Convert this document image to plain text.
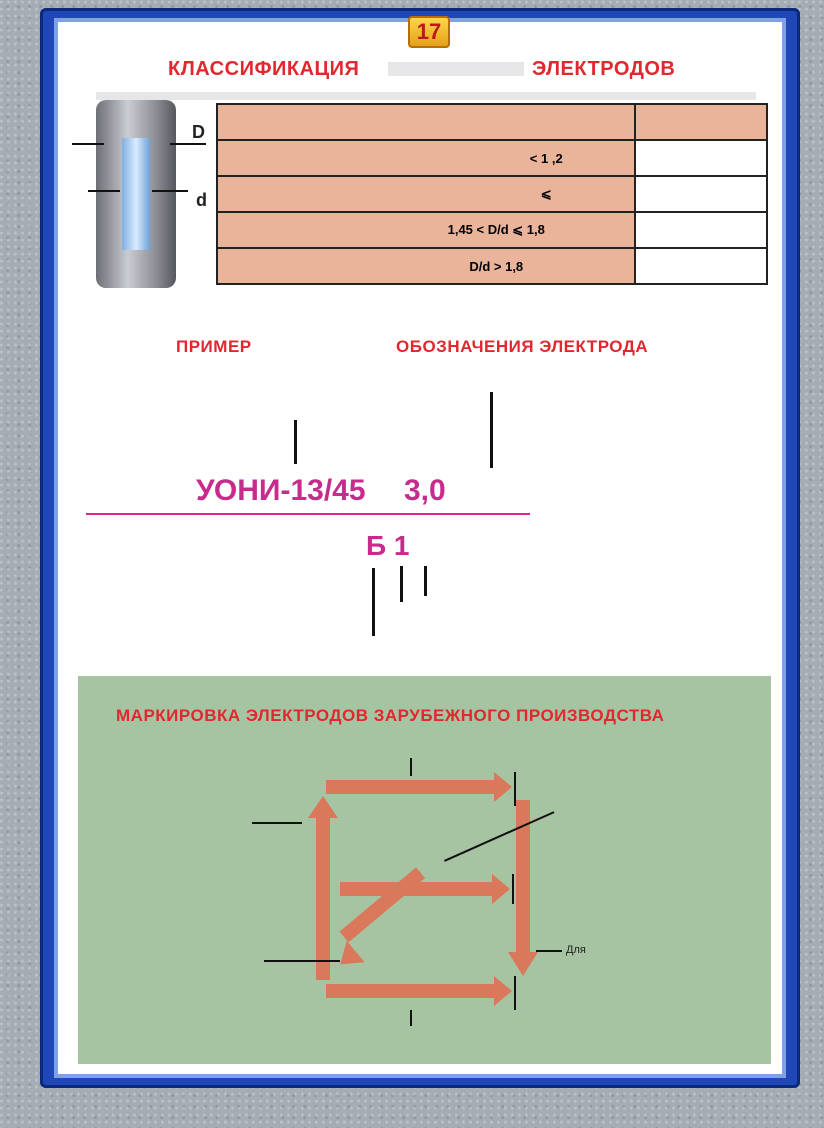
17
КЛАССИФИКАЦИЯ	ЭЛЕКТРОДОВ
D
d

< 1 ,2	
⩽	
1,45 < D/d ⩽ 1,8	
D/d > 1,8	
ПРИМЕР	ОБОЗНАЧЕНИЯ ЭЛЕКТРОДА
УОНИ-13/45 3,0
Б 1
МАРКИРОВКА ЭЛЕКТРОДОВ ЗАРУБЕЖНОГО ПРОИЗВОДСТВА
Для
